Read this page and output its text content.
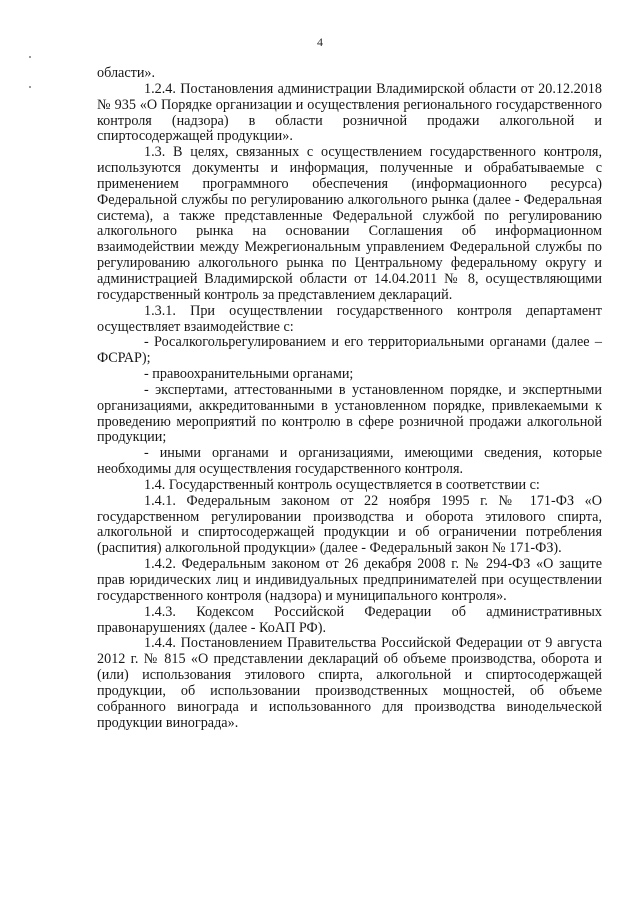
4

области».

1.2.4. Постановления администрации Владимирской области от 20.12.2018 № 935 «О Порядке организации и осуществления регионального государственного контроля (надзора) в области розничной продажи алкогольной и спиртосодержащей продукции».

1.3. В целях, связанных с осуществлением государственного контроля, используются документы и информация, полученные и обрабатываемые с применением программного обеспечения (информационного ресурса) Федеральной службы по регулированию алкогольного рынка (далее - Федеральная система), а также представленные Федеральной службой по регулированию алкогольного рынка на основании Соглашения об информационном взаимодействии между Межрегиональным управлением Федеральной службы по регулированию алкогольного рынка по Центральному федеральному округу и администрацией Владимирской области от 14.04.2011 № 8, осуществляющими государственный контроль за представлением деклараций.

1.3.1. При осуществлении государственного контроля департамент осуществляет взаимодействие с:

- Росалкогольрегулированием и его территориальными органами (далее – ФСРАР);

- правоохранительными органами;

- экспертами, аттестованными в установленном порядке, и экспертными организациями, аккредитованными в установленном порядке, привлекаемыми к проведению мероприятий по контролю в сфере розничной продажи алкогольной продукции;

- иными органами и организациями, имеющими сведения, которые необходимы для осуществления государственного контроля.

1.4. Государственный контроль осуществляется в соответствии с:

1.4.1. Федеральным законом от 22 ноября 1995 г. № 171-ФЗ «О государственном регулировании производства и оборота этилового спирта, алкогольной и спиртосодержащей продукции и об ограничении потребления (распития) алкогольной продукции» (далее - Федеральный закон № 171-ФЗ).

1.4.2. Федеральным законом от 26 декабря 2008 г. № 294-ФЗ «О защите прав юридических лиц и индивидуальных предпринимателей при осуществлении государственного контроля (надзора) и муниципального контроля».

1.4.3. Кодексом Российской Федерации об административных правонарушениях (далее - КоАП РФ).

1.4.4. Постановлением Правительства Российской Федерации от 9 августа 2012 г. № 815 «О представлении деклараций об объеме производства, оборота и (или) использования этилового спирта, алкогольной и спиртосодержащей продукции, об использовании производственных мощностей, об объеме собранного винограда и использованного для производства винодельческой продукции винограда».
